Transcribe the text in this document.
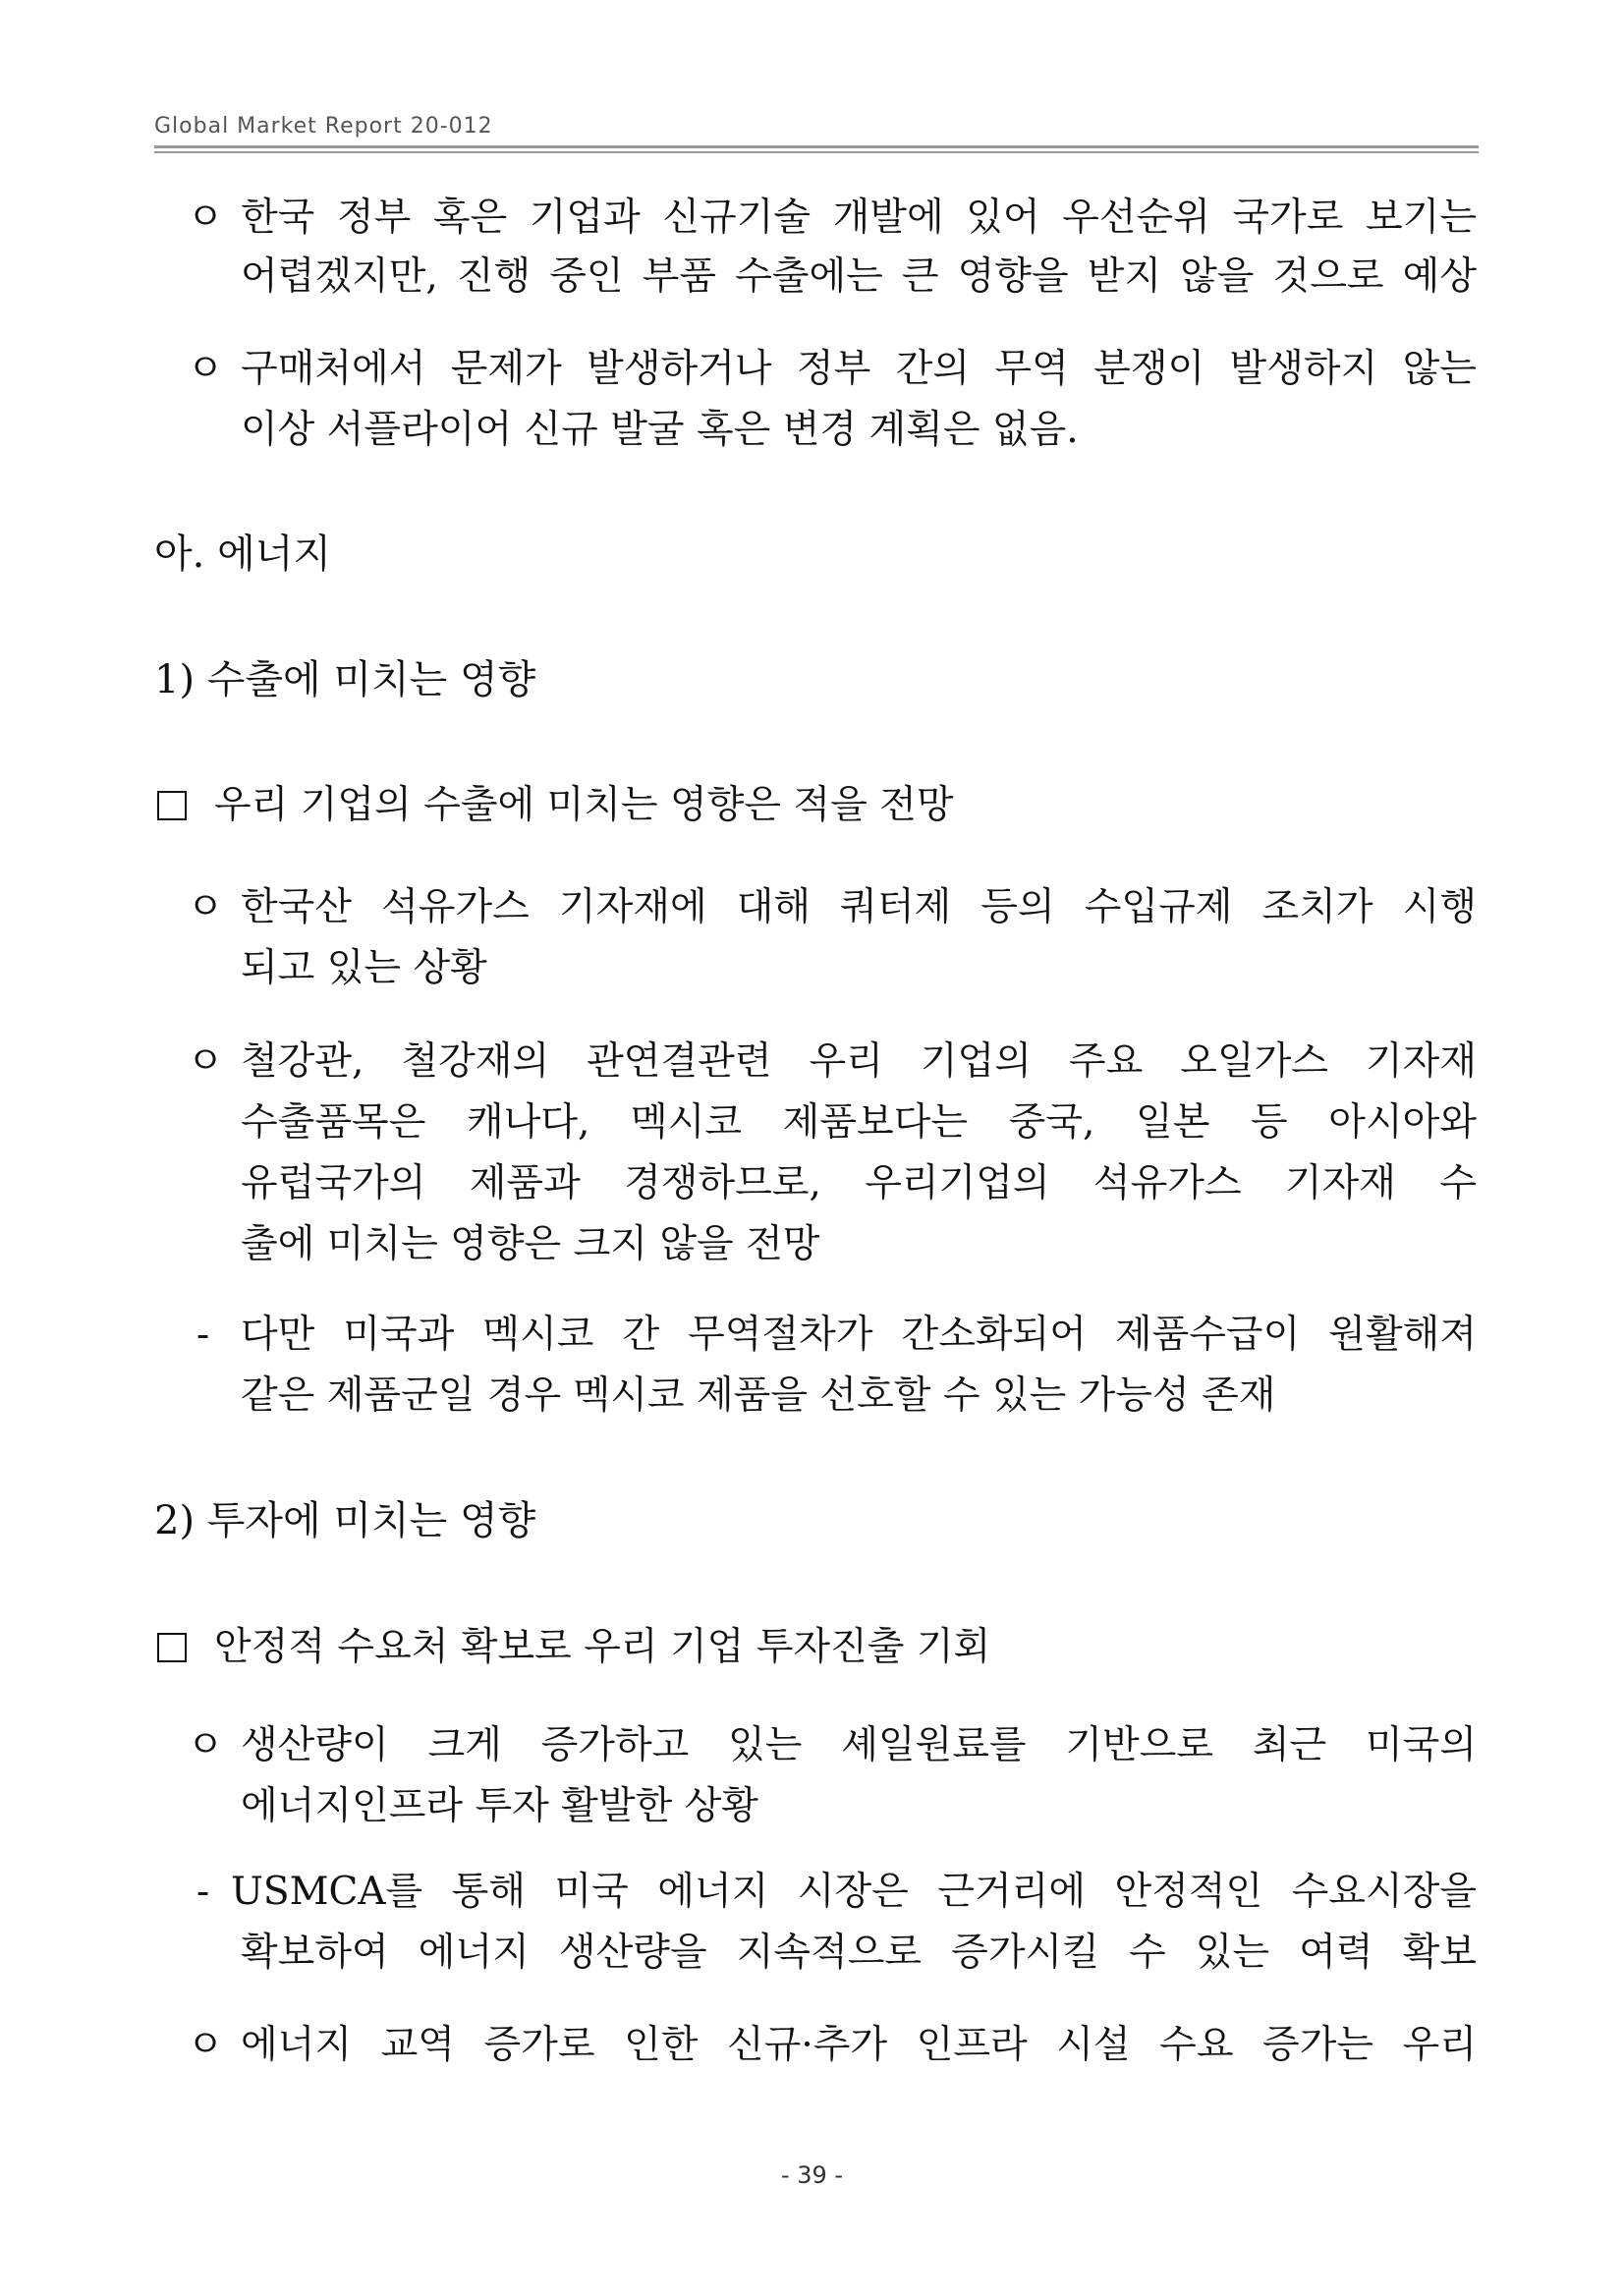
Global Market Report 20-012
ㅇ 한국 정부 혹은 기업과 신규기술 개발에 있어 우선순위 국가로 보기는
어렵겠지만, 진행 중인 부품 수출에는 큰 영향을 받지 않을 것으로 예상
ㅇ 구매처에서 문제가 발생하거나 정부 간의 무역 분쟁이 발생하지 않는
이상 서플라이어 신규 발굴 혹은 변경 계획은 없음.
아. 에너지
1) 수출에 미치는 영향
우리 기업의 수출에 미치는 영향은 적을 전망
ㅇ 한국산 석유가스 기자재에 대해 쿼터제 등의 수입규제 조치가 시행
되고 있는 상황
ㅇ 철강관, 철강재의 관연결관련 우리 기업의 주요 오일가스 기자재
수출품목은 캐나다, 멕시코 제품보다는 중국, 일본 등 아시아와
유럽국가의 제품과 경쟁하므로, 우리기업의 석유가스 기자재 수
출에 미치는 영향은 크지 않을 전망
- 다만 미국과 멕시코 간 무역절차가 간소화되어 제품수급이 원활해져
같은 제품군일 경우 멕시코 제품을 선호할 수 있는 가능성 존재
2) 투자에 미치는 영향
안정적 수요처 확보로 우리 기업 투자진출 기회
ㅇ 생산량이 크게 증가하고 있는 셰일원료를 기반으로 최근 미국의
에너지인프라 투자 활발한 상황
- USMCA를 통해 미국 에너지 시장은 근거리에 안정적인 수요시장을
확보하여 에너지 생산량을 지속적으로 증가시킬 수 있는 여력 확보
ㅇ 에너지 교역 증가로 인한 신규·추가 인프라 시설 수요 증가는 우리
- 39 -
